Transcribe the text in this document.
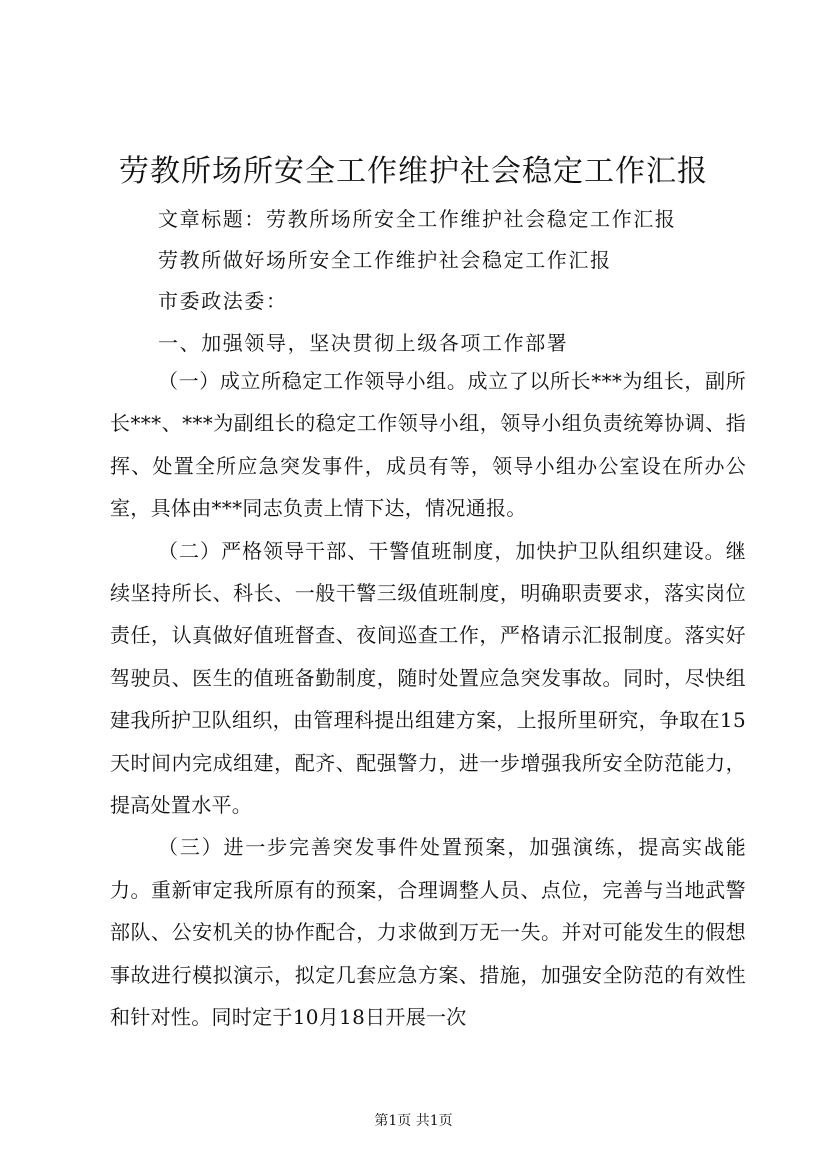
劳教所场所安全工作维护社会稳定工作汇报

文章标题：劳教所场所安全工作维护社会稳定工作汇报

劳教所做好场所安全工作维护社会稳定工作汇报

市委政法委：

一、加强领导，坚决贯彻上级各项工作部署

（一）成立所稳定工作领导小组。成立了以所长***为组长，副所长***、***为副组长的稳定工作领导小组，领导小组负责统筹协调、指挥、处置全所应急突发事件，成员有等，领导小组办公室设在所办公室，具体由***同志负责上情下达，情况通报。

（二）严格领导干部、干警值班制度，加快护卫队组织建设。继续坚持所长、科长、一般干警三级值班制度，明确职责要求，落实岗位责任，认真做好值班督查、夜间巡查工作，严格请示汇报制度。落实好驾驶员、医生的值班备勤制度，随时处置应急突发事故。同时，尽快组建我所护卫队组织，由管理科提出组建方案，上报所里研究，争取在15天时间内完成组建，配齐、配强警力，进一步增强我所安全防范能力，提高处置水平。

（三）进一步完善突发事件处置预案，加强演练，提高实战能力。重新审定我所原有的预案，合理调整人员、点位，完善与当地武警部队、公安机关的协作配合，力求做到万无一失。并对可能发生的假想事故进行模拟演示，拟定几套应急方案、措施，加强安全防范的有效性和针对性。同时定于10月18日开展一次

第1页 共1页
